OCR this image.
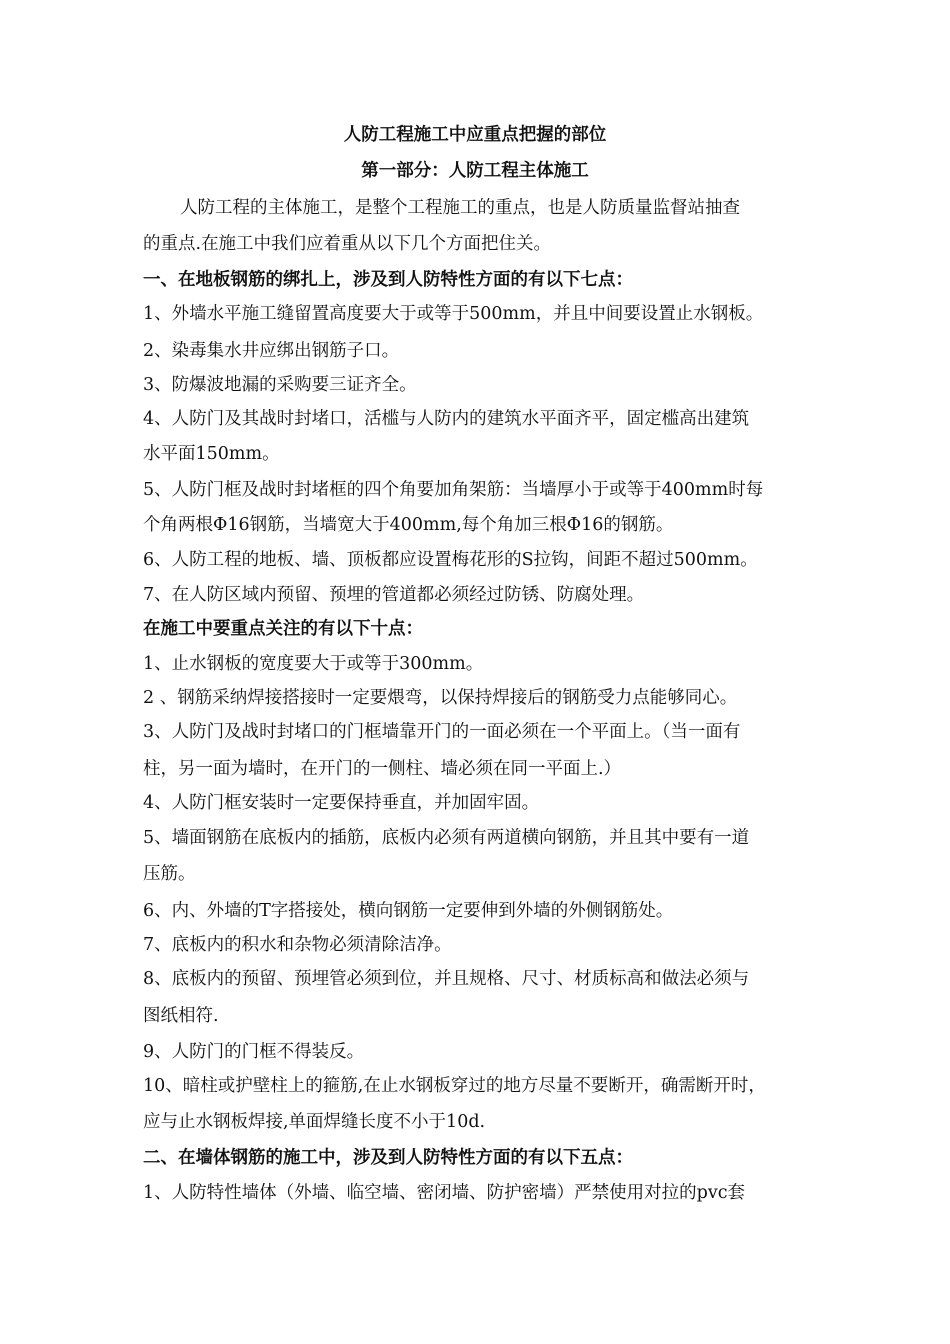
人防工程施工中应重点把握的部位
第一部分：人防工程主体施工
人防工程的主体施工，是整个工程施工的重点，也是人防质量监督站抽查
的重点.在施工中我们应着重从以下几个方面把住关。
一、在地板钢筋的绑扎上，涉及到人防特性方面的有以下七点：
1、外墙水平施工缝留置高度要大于或等于500mm，并且中间要设置止水钢板。
2、染毒集水井应绑出钢筋子口。
3、防爆波地漏的采购要三证齐全。
4、人防门及其战时封堵口，活槛与人防内的建筑水平面齐平，固定槛高出建筑
水平面150mm。
5、人防门框及战时封堵框的四个角要加角架筋：当墙厚小于或等于400mm时每
个角两根Φ16钢筋，当墙宽大于400mm,每个角加三根Φ16的钢筋。
6、人防工程的地板、墙、顶板都应设置梅花形的S拉钩，间距不超过500mm。
7、在人防区域内预留、预埋的管道都必须经过防锈、防腐处理。
在施工中要重点关注的有以下十点：
1、止水钢板的宽度要大于或等于300mm。
2 、钢筋采纳焊接搭接时一定要煨弯，以保持焊接后的钢筋受力点能够同心。
3、人防门及战时封堵口的门框墙靠开门的一面必须在一个平面上。（当一面有
柱，另一面为墙时，在开门的一侧柱、墙必须在同一平面上.）
4、人防门框安装时一定要保持垂直，并加固牢固。
5、墙面钢筋在底板内的插筋，底板内必须有两道横向钢筋，并且其中要有一道
压筋。
6、内、外墙的T字搭接处，横向钢筋一定要伸到外墙的外侧钢筋处。
7、底板内的积水和杂物必须清除洁净。
8、底板内的预留、预埋管必须到位，并且规格、尺寸、材质标高和做法必须与
图纸相符.
9、人防门的门框不得装反。
10、暗柱或护壁柱上的箍筋,在止水钢板穿过的地方尽量不要断开，确需断开时，
应与止水钢板焊接,单面焊缝长度不小于10d.
二、在墙体钢筋的施工中，涉及到人防特性方面的有以下五点：
1、人防特性墙体（外墙、临空墙、密闭墙、防护密墙）严禁使用对拉的pvc套
